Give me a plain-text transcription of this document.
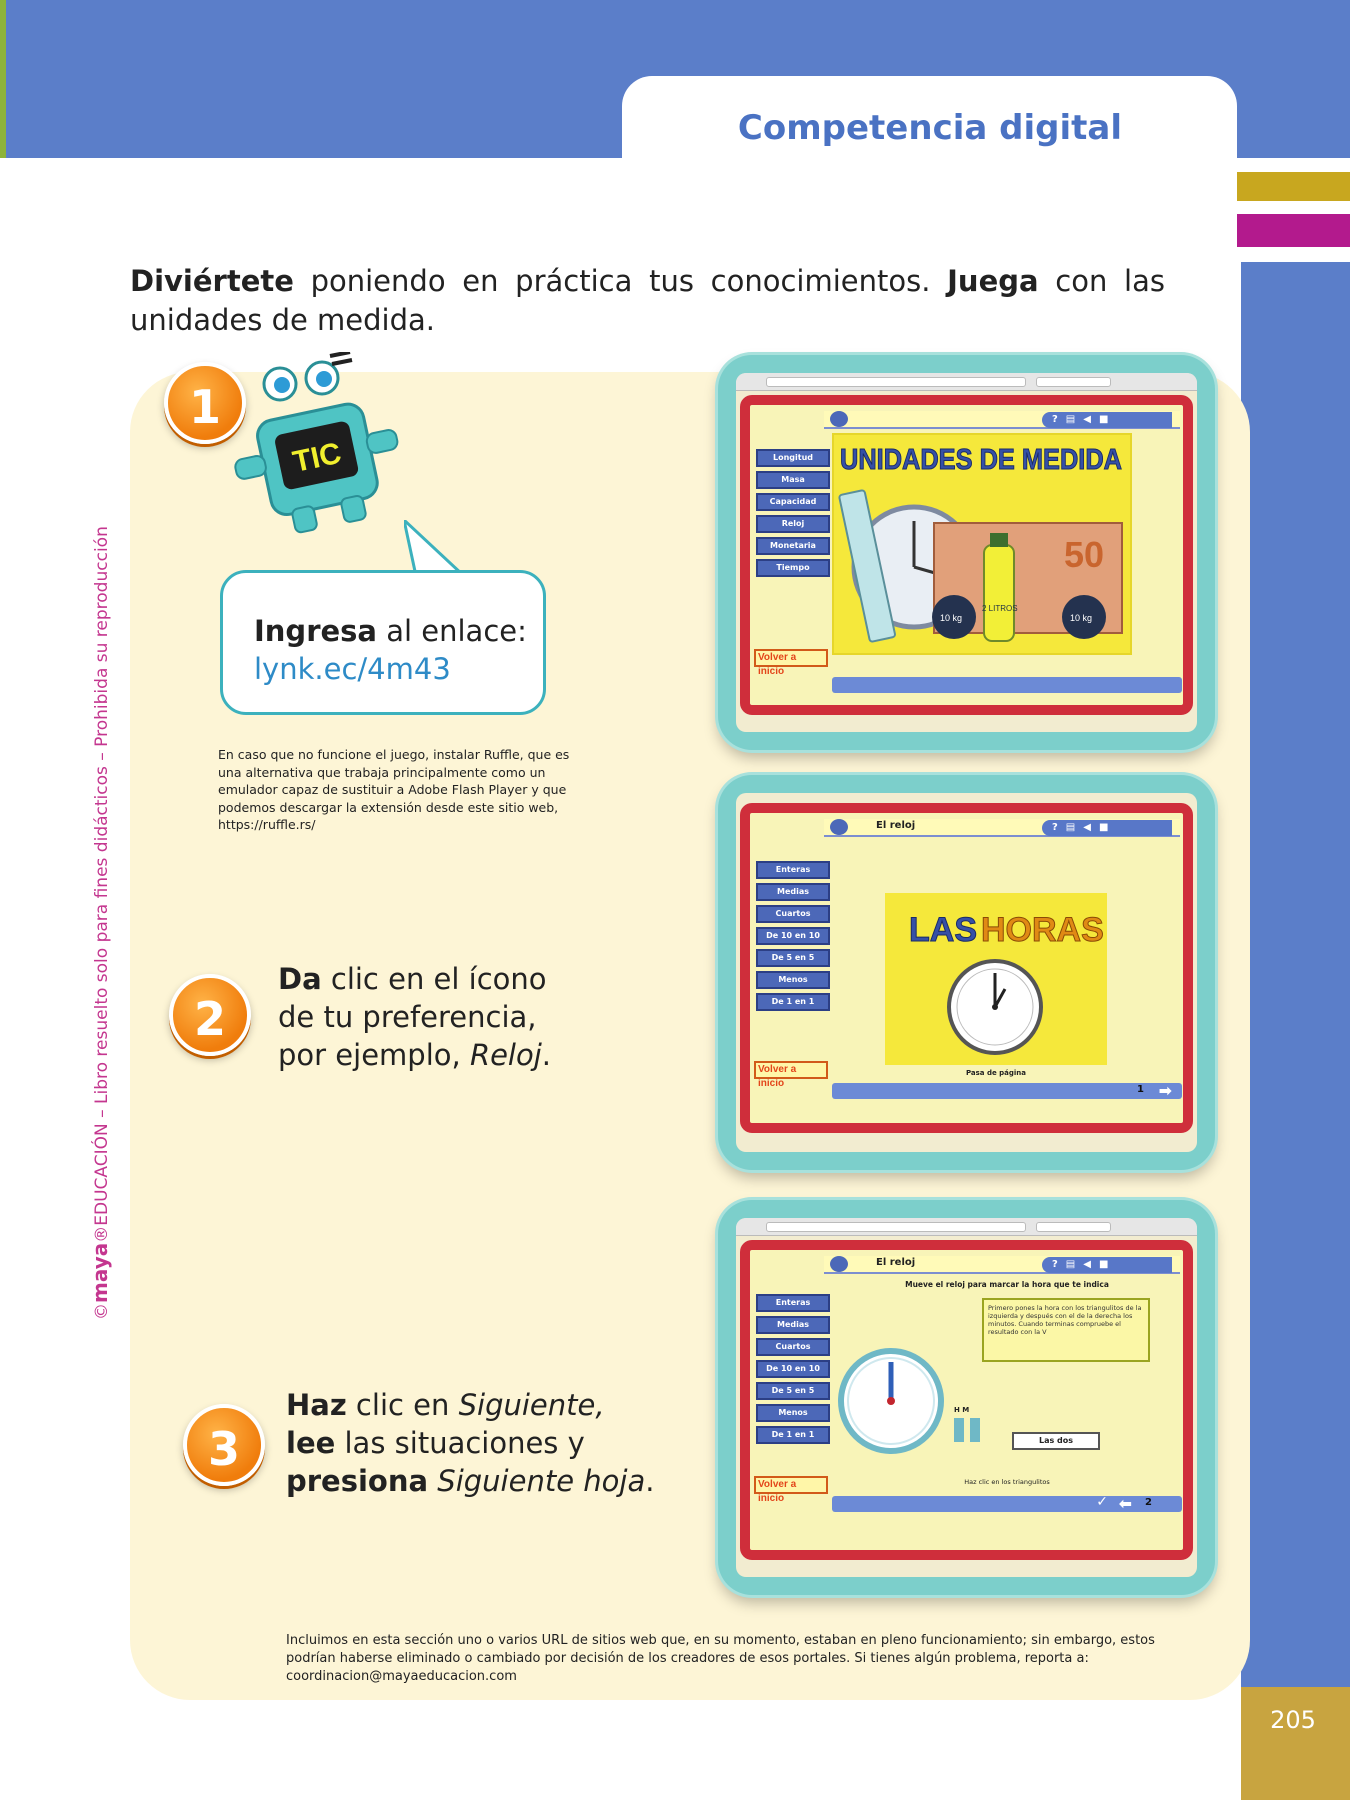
Competencia digital
205
©maya®EDUCACIÓN – Libro resuelto solo para fines didácticos – Prohibida su reproducción
Diviértete poniendo en práctica tus conocimientos. Juega con las unidades de medida.
1
TIC
Ingresa al enlace:
lynk.ec/4m43
En caso que no funcione el juego, instalar Ruffle, que es una alternativa que trabaja principalmente como un emulador capaz de sustituir a Adobe Flash Player y que podemos descargar la extensión desde este sitio web, https://ruffle.rs/
2
Da clic en el ícono
de tu preferencia,
por ejemplo, Reloj.
3
Haz clic en Siguiente,
lee las situaciones y
presiona Siguiente hoja.
Incluimos en esta sección uno o varios URL de sitios web que, en su momento, estaban en pleno funcionamiento; sin embargo, estos podrían haberse eliminado o cambiado por decisión de los creadores de esos portales. Si tienes algún problema, reporta a: coordinacion@mayaeducacion.com
?▤◀■
Longitud
Masa
Capacidad
Reloj
Monetaria
Tiempo
UNIDADES DE MEDIDA
50
2 LITROS
10 kg	10 kg
Volver a inicio
El reloj	?▤◀■
Enteras
Medias
Cuartos
De 10 en 10
De 5 en 5
Menos
De 1 en 1
LAS HORAS
Pasa de página
Volver a inicio
1 ➡
El reloj	?▤◀■
Mueve el reloj para marcar la hora que te indica
Enteras
Medias
Cuartos
De 10 en 10
De 5 en 5
Menos
De 1 en 1
Primero pones la hora con los triangulitos de la izquierda y después con el de la derecha los minutos. Cuando terminas compruebe el resultado con la V
H M
Las dos
Haz clic en los triangulitos
Volver a inicio	✓ ⬅ 2
